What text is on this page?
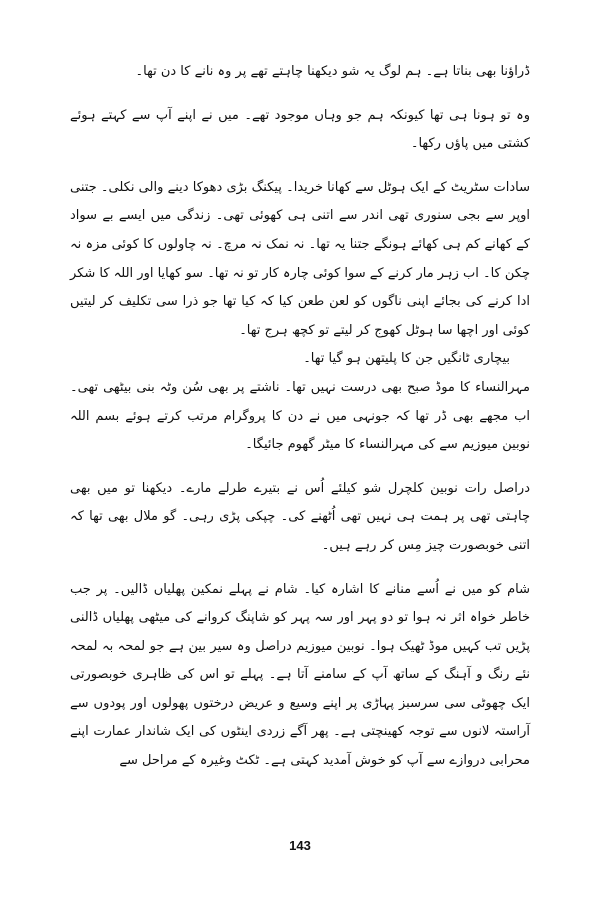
ڈراؤنا بھی بناتا ہے۔ ہم لوگ یہ شو دیکھنا چاہتے تھے پر وہ نانے کا دن تھا۔

وہ تو ہونا ہی تھا کیونکہ ہم جو وہاں موجود تھے۔ میں نے اپنے آپ سے کہتے ہوئے کشتی میں پاؤں رکھا۔

سادات سٹریٹ کے ایک ہوٹل سے کھانا خریدا۔ پیکنگ بڑی دھوکا دینے والی نکلی۔ جتنی اوپر سے بجی سنوری تھی اندر سے اتنی ہی کھوئی تھی۔ زندگی میں ایسے بے سواد کے کھانے کم ہی کھائے ہونگے جتنا یہ تھا۔ نہ نمک نہ مرچ۔ نہ چاولوں کا کوئی مزہ نہ چکن کا۔ اب زہر مار کرنے کے سوا کوئی چارہ کار تو نہ تھا۔ سو کھایا اور اللہ کا شکر ادا کرنے کی بجائے اپنی ناگوں کو لعن طعن کیا کہ کیا تھا جو ذرا سی تکلیف کر لیتیں کوئی اور اچھا سا ہوٹل کھوج کر لیتے تو کچھ ہرج تھا۔

بیچاری ٹانگیں جن کا پلیتھن ہو گیا تھا۔

مہرالنساء کا موڈ صبح بھی درست نہیں تھا۔ ناشتے پر بھی سُن وٹہ بنی بیٹھی تھی۔ اب مجھے بھی ڈر تھا کہ جونہی میں نے دن کا پروگرام مرتب کرتے ہوئے بسم اللہ نوبین میوزیم سے کی مہرالنساء کا میٹر گھوم جائیگا۔

دراصل رات نوبین کلچرل شو کیلئے اُس نے بتیرے طرلے مارے۔ دیکھنا تو میں بھی چاہتی تھی پر ہمت ہی نہیں تھی اُٹھنے کی۔ چپکی پڑی رہی۔ گو ملال بھی تھا کہ اتنی خوبصورت چیز مِس کر رہے ہیں۔

شام کو میں نے اُسے منانے کا اشارہ کیا۔ شام نے پہلے نمکین پھلیاں ڈالیں۔ پر جب خاطر خواہ اثر نہ ہوا تو دو پہر اور سہ پہر کو شاپنگ کروانے کی میٹھی پھلیاں ڈالنی پڑیں تب کہیں موڈ ٹھیک ہوا۔ نوبین میوزیم دراصل وہ سیر بین ہے جو لمحہ بہ لمحہ نئے رنگ و آہنگ کے ساتھ آپ کے سامنے آتا ہے۔ پہلے تو اس کی ظاہری خوبصورتی ایک چھوٹی سی سرسبز پہاڑی پر اپنے وسیع و عریض درختوں پھولوں اور پودوں سے آراستہ لانوں سے توجہ کھینچتی ہے۔ پھر آگے زردی اینٹوں کی ایک شاندار عمارت اپنے محرابی دروازے سے آپ کو خوش آمدید کہتی ہے۔ ٹکٹ وغیرہ کے مراحل سے

143
